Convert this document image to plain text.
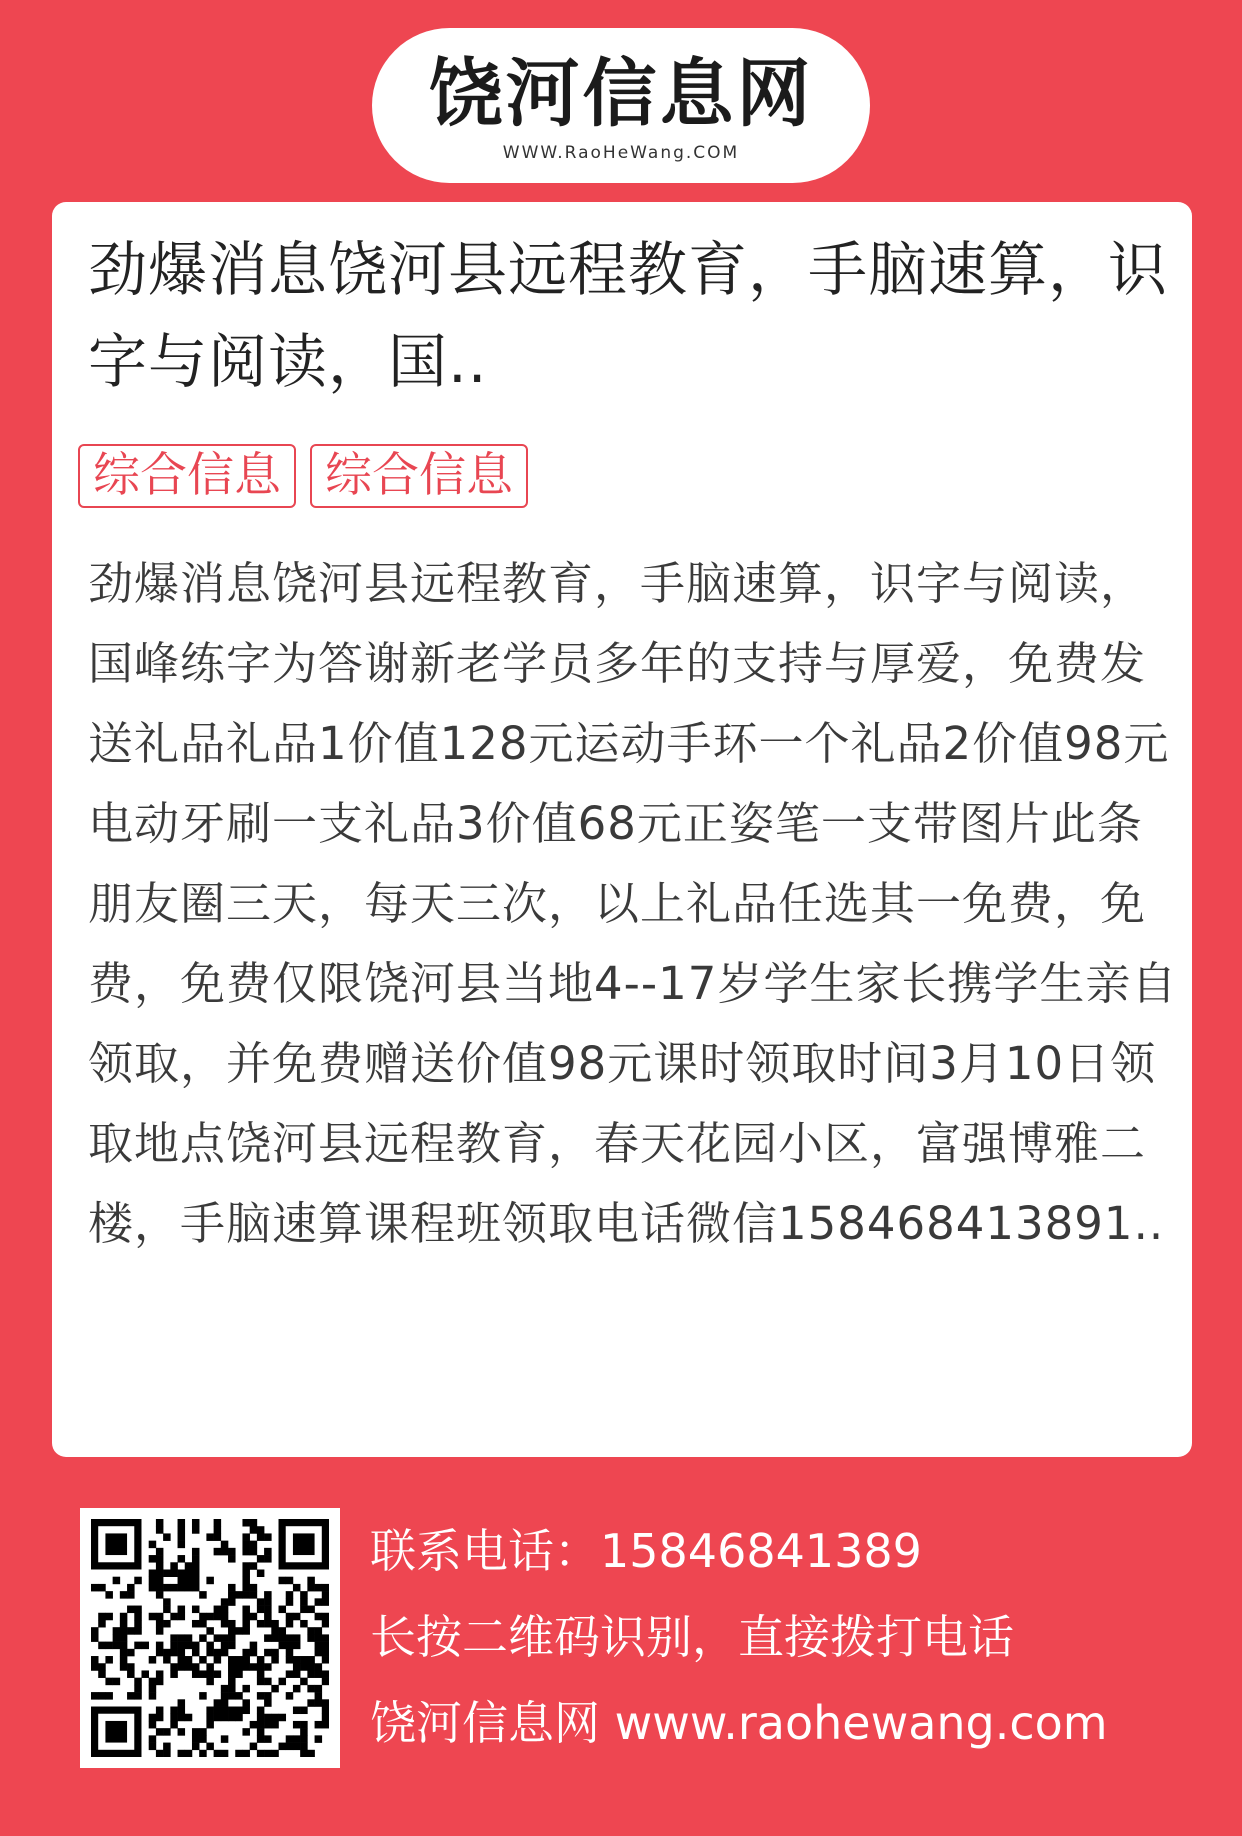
饶河信息网
WWW.RaoHeWang.COM
劲爆消息饶河县远程教育，手脑速算，识字与阅读，国..
综合信息 综合信息
劲爆消息饶河县远程教育，手脑速算，识字与阅读，国峰练字为答谢新老学员多年的支持与厚爱，免费发送礼品礼品1价值128元运动手环一个礼品2价值98元电动牙刷一支礼品3价值68元正姿笔一支带图片此条朋友圈三天，每天三次，以上礼品任选其一免费，免费，免费仅限饶河县当地4--17岁学生家长携学生亲自领取，并免费赠送价值98元课时领取时间3月10日领取地点饶河县远程教育，春天花园小区，富强博雅二楼，手脑速算课程班领取电话微信158468413891..
联系电话：15846841389
长按二维码识别，直接拨打电话
饶河信息网 www.raohewang.com
